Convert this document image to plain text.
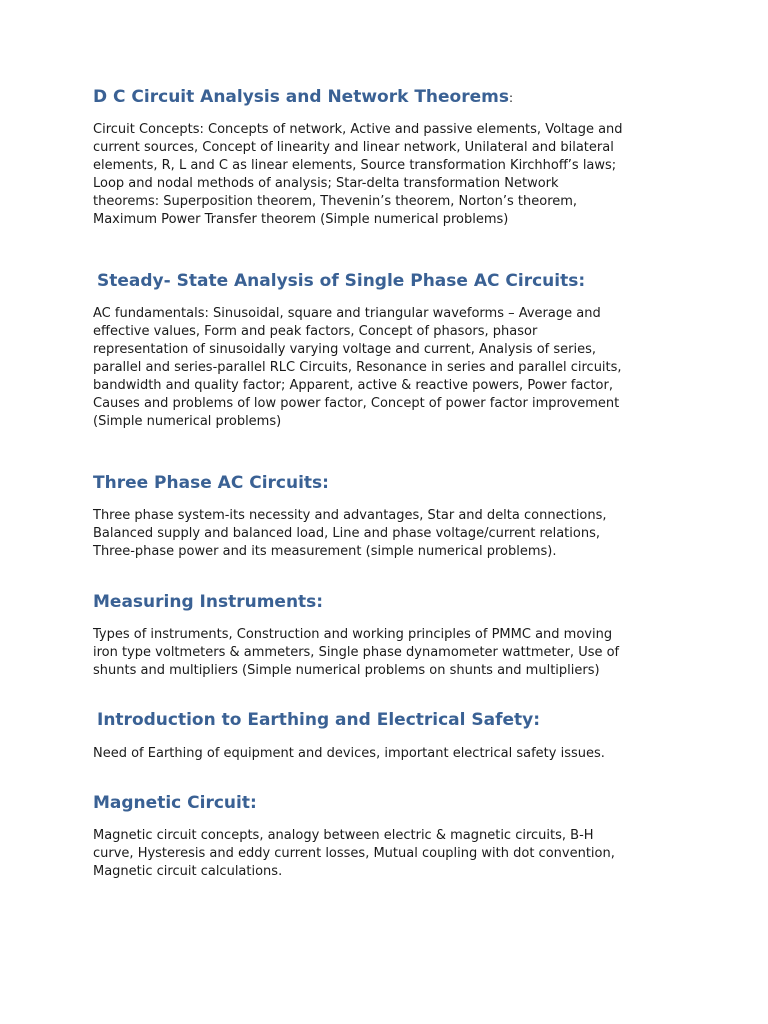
D C Circuit Analysis and Network Theorems:
Circuit Concepts: Concepts of network, Active and passive elements, Voltage and
current sources, Concept of linearity and linear network, Unilateral and bilateral
elements, R, L and C as linear elements, Source transformation Kirchhoff’s laws;
Loop and nodal methods of analysis; Star-delta transformation Network
theorems: Superposition theorem, Thevenin’s theorem, Norton’s theorem,
Maximum Power Transfer theorem (Simple numerical problems)
Steady- State Analysis of Single Phase AC Circuits:
AC fundamentals: Sinusoidal, square and triangular waveforms – Average and
effective values, Form and peak factors, Concept of phasors, phasor
representation of sinusoidally varying voltage and current, Analysis of series,
parallel and series-parallel RLC Circuits, Resonance in series and parallel circuits,
bandwidth and quality factor; Apparent, active & reactive powers, Power factor,
Causes and problems of low power factor, Concept of power factor improvement
(Simple numerical problems)
Three Phase AC Circuits:
Three phase system-its necessity and advantages, Star and delta connections,
Balanced supply and balanced load, Line and phase voltage/current relations,
Three-phase power and its measurement (simple numerical problems).
Measuring Instruments:
Types of instruments, Construction and working principles of PMMC and moving
iron type voltmeters & ammeters, Single phase dynamometer wattmeter, Use of
shunts and multipliers (Simple numerical problems on shunts and multipliers)
Introduction to Earthing and Electrical Safety:
Need of Earthing of equipment and devices, important electrical safety issues.
Magnetic Circuit:
Magnetic circuit concepts, analogy between electric & magnetic circuits, B-H
curve, Hysteresis and eddy current losses, Mutual coupling with dot convention,
Magnetic circuit calculations.
